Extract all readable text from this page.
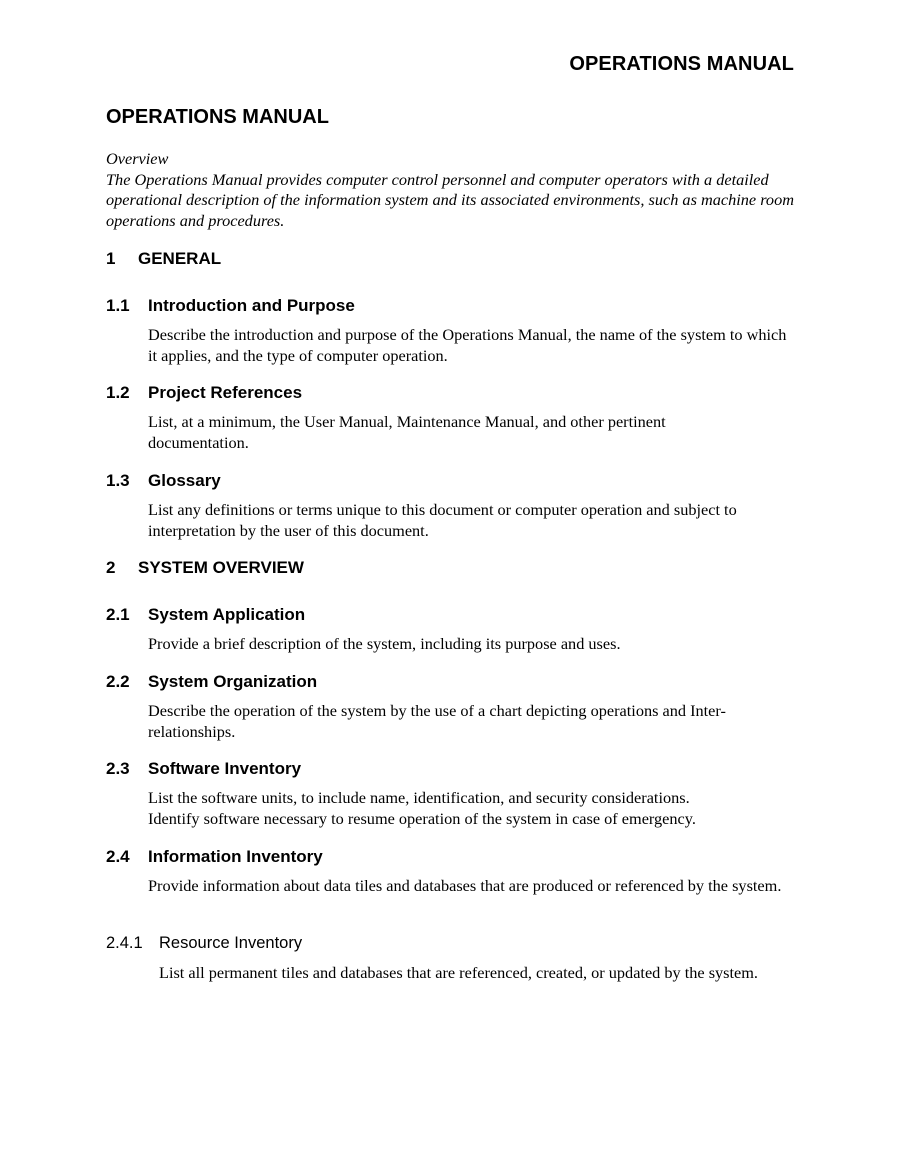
OPERATIONS MANUAL
OPERATIONS MANUAL

Overview

The Operations Manual provides computer control personnel and computer operators with a detailed operational description of the information system and its associated environments, such as machine room operations and procedures.

1 GENERAL
1.1 Introduction and Purpose

Describe the introduction and purpose of the Operations Manual, the name of the system to which it applies, and the type of computer operation.

1.2 Project References

List, at a minimum, the User Manual, Maintenance Manual, and other pertinent documentation.

1.3 Glossary

List any definitions or terms unique to this document or computer operation and subject to interpretation by the user of this document.

2 SYSTEM OVERVIEW
2.1 System Application

Provide a brief description of the system, including its purpose and uses.

2.2 System Organization

Describe the operation of the system by the use of a chart depicting operations and Inter-relationships.

2.3 Software Inventory

List the software units, to include name, identification, and security considerations.

Identify software necessary to resume operation of the system in case of emergency.

2.4 Information Inventory

Provide information about data tiles and databases that are produced or referenced by the system.

2.4.1 Resource Inventory

List all permanent tiles and databases that are referenced, created, or updated by the system.
